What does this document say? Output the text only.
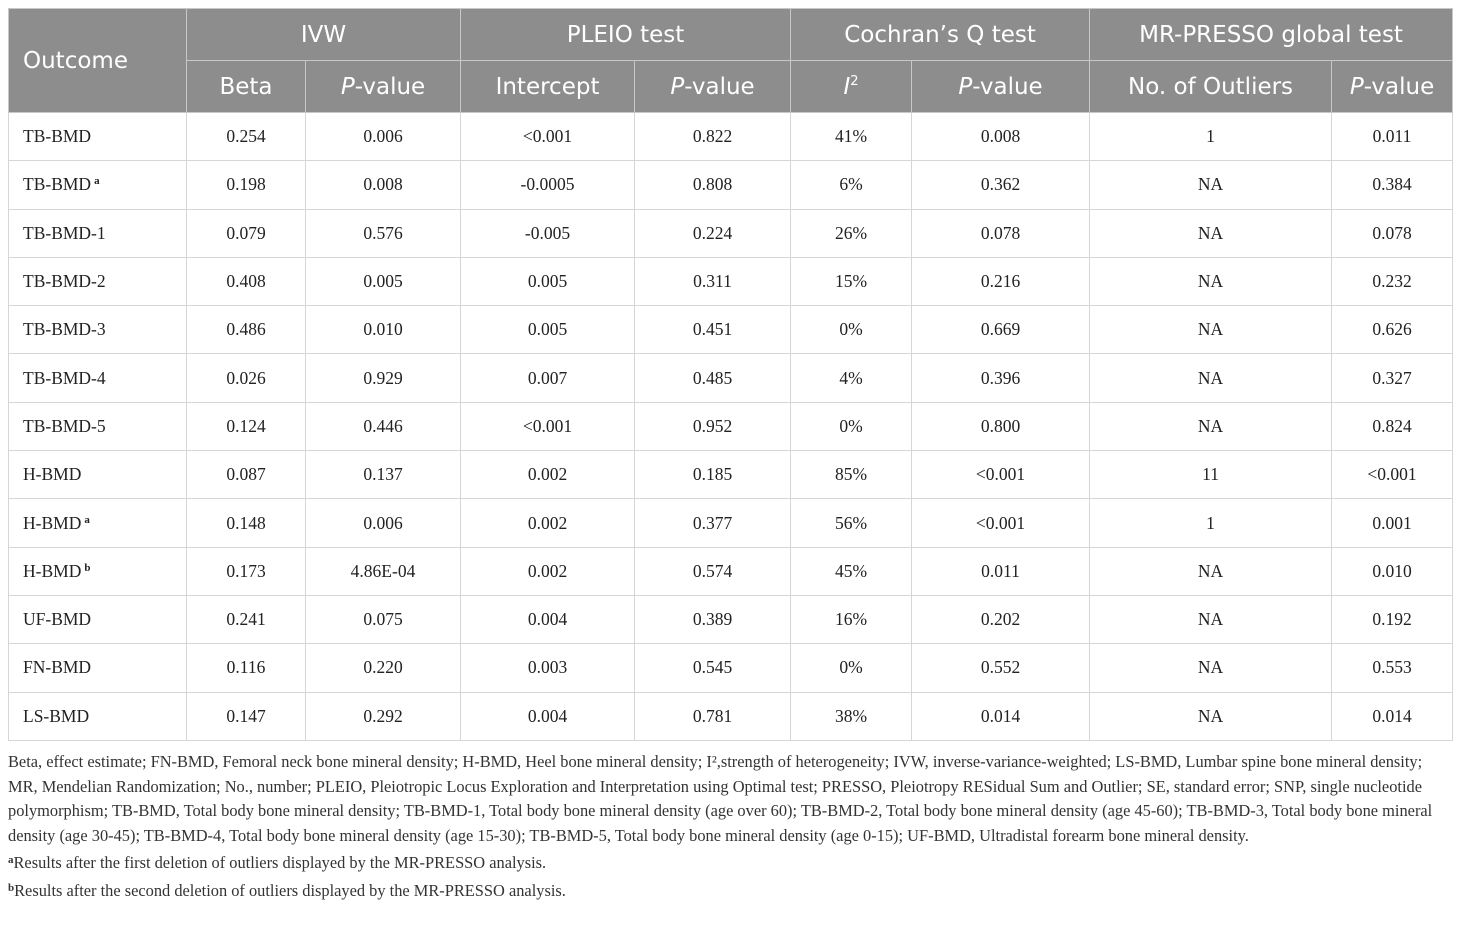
Outcome	IVW		PLEIO test		Cochran’s Q test		MR-PRESSO global test	
	Beta	P-value	Intercept	P-value	$I^2$	P-value	No. of Outliers	P-value
TB-BMD	0.254	0.006	<0.001	0.822	41%	0.008	1	0.011
TB-BMD $^a$	0.198	0.008	-0.0005	0.808	6%	0.362	NA	0.384
TB-BMD-1	0.079	0.576	-0.005	0.224	26%	0.078	NA	0.078
TB-BMD-2	0.408	0.005	0.005	0.311	15%	0.216	NA	0.232
TB-BMD-3	0.486	0.010	0.005	0.451	0%	0.669	NA	0.626
TB-BMD-4	0.026	0.929	0.007	0.485	4%	0.396	NA	0.327
TB-BMD-5	0.124	0.446	<0.001	0.952	0%	0.800	NA	0.824
H-BMD	0.087	0.137	0.002	0.185	85%	<0.001	11	<0.001
H-BMD $^a$	0.148	0.006	0.002	0.377	56%	<0.001	1	0.001
H-BMD $^b$	0.173	4.86E-04	0.002	0.574	45%	0.011	NA	0.010
UF-BMD	0.241	0.075	0.004	0.389	16%	0.202	NA	0.192
FN-BMD	0.116	0.220	0.003	0.545	0%	0.552	NA	0.553
LS-BMD	0.147	0.292	0.004	0.781	38%	0.014	NA	0.014

Beta, effect estimate; FN-BMD, Femoral neck bone mineral density; H-BMD, Heel bone mineral density; I²,strength of heterogeneity; IVW, inverse-variance-weighted; LS-BMD, Lumbar spine bone mineral density; MR, Mendelian Randomization; No., number; PLEIO, Pleiotropic Locus Exploration and Interpretation using Optimal test; PRESSO, Pleiotropy RESidual Sum and Outlier; SE, standard error; SNP, single nucleotide polymorphism; TB-BMD, Total body bone mineral density; TB-BMD-1, Total body bone mineral density (age over 60); TB-BMD-2, Total body bone mineral density (age 45-60); TB-BMD-3, Total body bone mineral density (age 30-45); TB-BMD-4, Total body bone mineral density (age 15-30); TB-BMD-5, Total body bone mineral density (age 0-15); UF-BMD, Ultradistal forearm bone mineral density.

$^a$Results after the first deletion of outliers displayed by the MR-PRESSO analysis.

$^b$Results after the second deletion of outliers displayed by the MR-PRESSO analysis.
